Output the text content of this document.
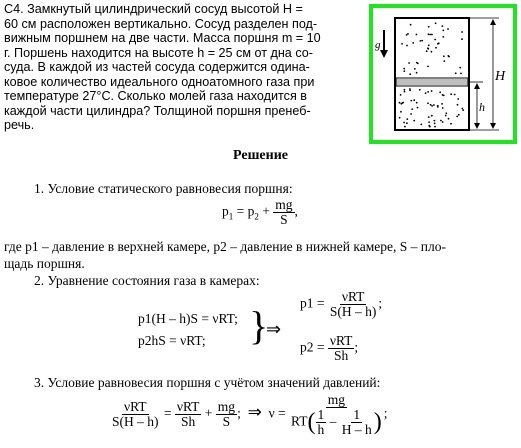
С4. Замкнутый цилиндрический сосуд высотой H =
60 см расположен вертикально. Сосуд разделен под-
вижным поршнем на две части. Масса поршня m = 10
г. Поршень находится на высоте h = 25 см от дна со-
суда. В каждой из частей сосуда содержится одина-
ковое количество идеального одноатомного газа при
температуре 27°С. Сколько молей газа находится в
каждой части цилиндра? Толщиной поршня пренеб-
речь.
g
H
h
Решение
1. Условие статического равновесия поршня:
$p_1 = p_2 + \frac{mg}{S}$ ,
где p1 – давление в верхней камере, p2 – давление в нижней камере, S – пло-
щадь поршня.
2. Уравнение состояния газа в камерах:
p1(H – h)S = νRT;
p2hS = νRT; }
⇒
$p1 = \frac{\text{νRT}}{S(H - h)}$ ;
$p2 = \frac{\text{νRT}}{Sh}$ ;
3. Условие равновесия поршня с учётом значений давлений:
$\frac{\text{νRT}}{S(H - h)} = \frac{\text{νRT}}{Sh} + \frac{mg}{S}$ ; ⇒ $\nu = \frac{mg}{RT( \frac{1}{h} - \frac{1}{H - h} )}$ ;
